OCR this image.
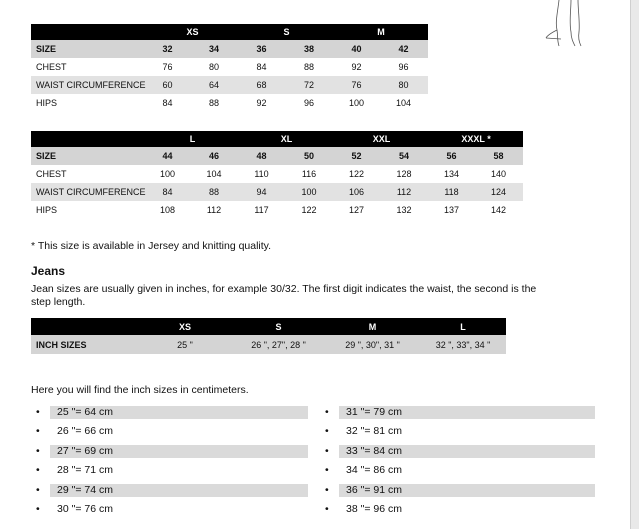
	XS		S		M	
SIZE	32	34	36	38	40	42
CHEST	76	80	84	88	92	96
WAIST CIRCUMFERENCE	60	64	68	72	76	80
HIPS	84	88	92	96	100	104
	L		XL		XXL		XXXL *	
SIZE	44	46	48	50	52	54	56	58
CHEST	100	104	110	116	122	128	134	140
WAIST CIRCUMFERENCE	84	88	94	100	106	112	118	124
HIPS	108	112	117	122	127	132	137	142
* This size is available in Jersey and knitting quality.
Jeans
Jean sizes are usually given in inches, for example 30/32. The first digit indicates the waist, the second is the
step length.
	XS	S	M	L
INCH SIZES	25 "	26 ", 27", 28 "	29 ", 30", 31 "	32 ", 33", 34 "
Here you will find the inch sizes in centimeters.
• 25 "= 64 cm
• 26 "= 66 cm
• 27 "= 69 cm
• 28 "= 71 cm
• 29 "= 74 cm
• 30 "= 76 cm
• 31 "= 79 cm
• 32 "= 81 cm
• 33 "= 84 cm
• 34 "= 86 cm
• 36 "= 91 cm
• 38 "= 96 cm
